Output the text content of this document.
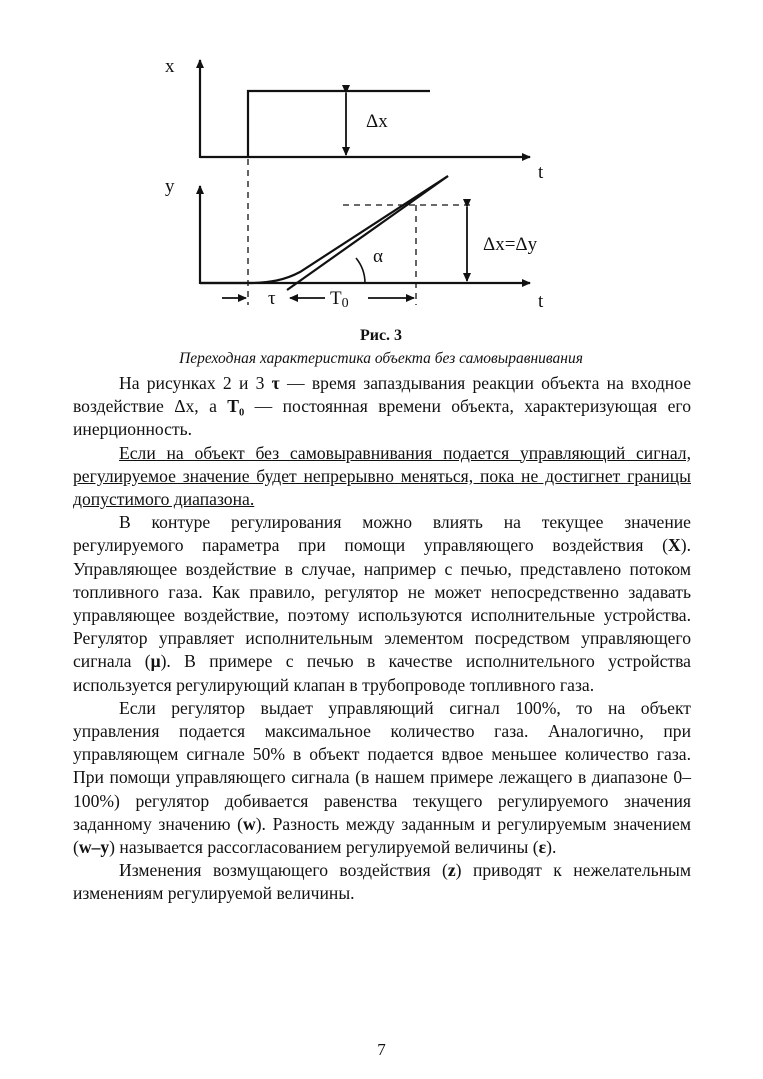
x
t
Δx
α
Δx=Δy
y
t
τ	T0
Рис. 3
Переходная характеристика объекта без самовыравнивания

На рисунках 2 и 3 τ — время запаздывания реакции объекта на входное воздействие Δx, а T₀ — постоянная времени объекта, характеризующая его инерционность.

Если на объект без самовыравнивания подается управляющий сигнал, регулируемое значение будет непрерывно меняться, пока не достигнет границы допустимого диапазона.

В контуре регулирования можно влиять на текущее значение регулируемого параметра при помощи управляющего воздействия (X). Управляющее воздействие в случае, например с печью, представлено потоком топливного газа. Как правило, регулятор не может непосредственно задавать управляющее воздействие, поэтому используются исполнительные устройства. Регулятор управляет исполнительным элементом посредством управляющего сигнала (μ). В примере с печью в качестве исполнительного устройства используется регулирующий клапан в трубопроводе топливного газа.

Если регулятор выдает управляющий сигнал 100%, то на объект управления подается максимальное количество газа. Аналогично, при управляющем сигнале 50% в объект подается вдвое меньшее количество газа. При помощи управляющего сигнала (в нашем примере лежащего в диапазоне 0–100%) регулятор добивается равенства текущего регулируемого значения заданному значению (w). Разность между заданным и регулируемым значением (w–y) называется рассогласованием регулируемой величины (ε).

Изменения возмущающего воздействия (z) приводят к нежелательным изменениям регулируемой величины.

7
